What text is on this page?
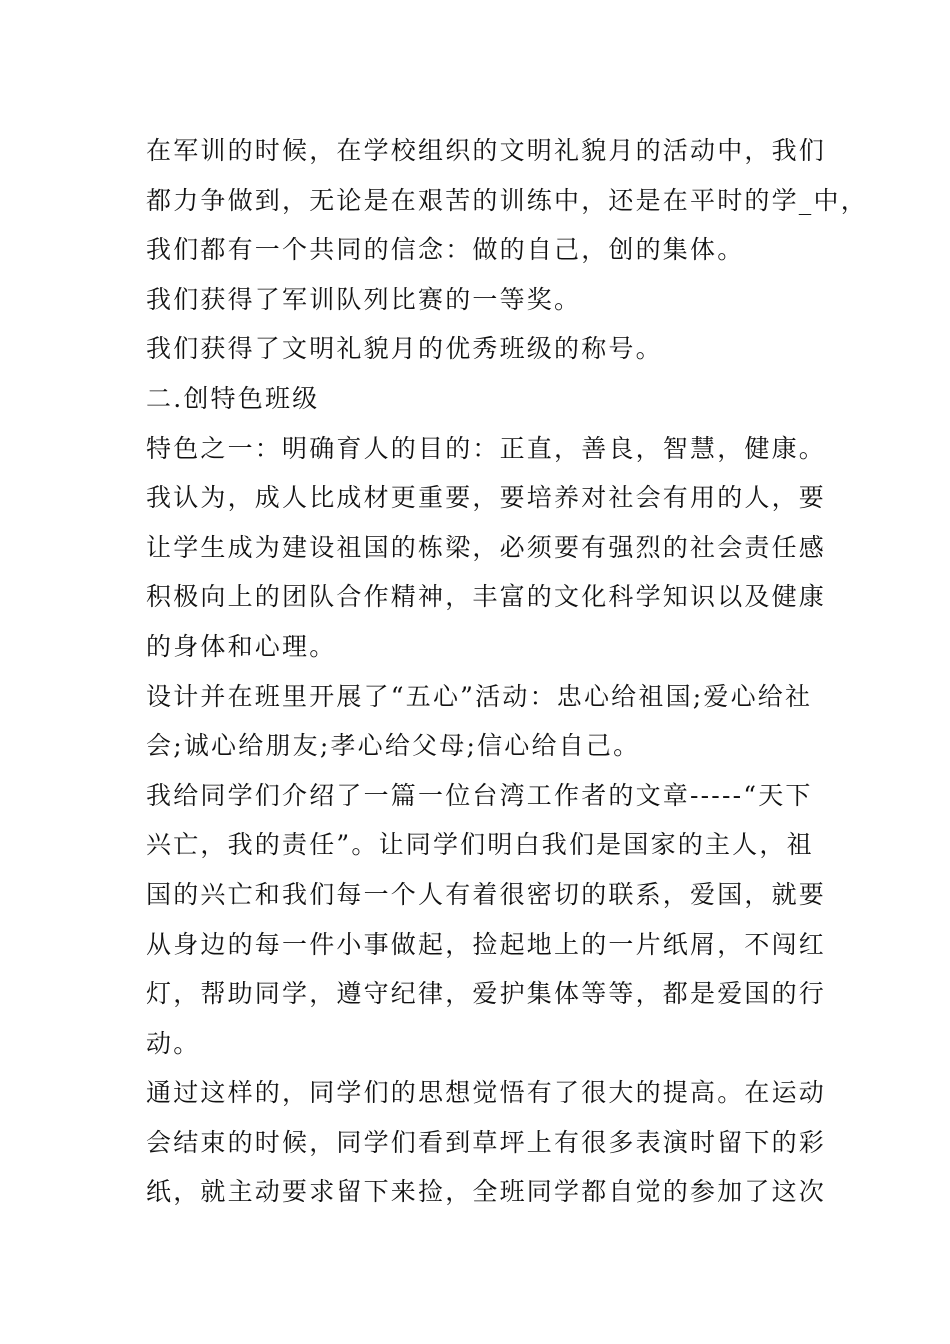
在军训的时候，在学校组织的文明礼貌月的活动中，我们
都力争做到，无论是在艰苦的训练中，还是在平时的学_中，
我们都有一个共同的信念：做的自己，创的集体。
我们获得了军训队列比赛的一等奖。
我们获得了文明礼貌月的优秀班级的称号。
二.创特色班级
特色之一：明确育人的目的：正直，善良，智慧，健康。
我认为，成人比成材更重要，要培养对社会有用的人，要
让学生成为建设祖国的栋梁，必须要有强烈的社会责任感
积极向上的团队合作精神，丰富的文化科学知识以及健康
的身体和心理。
设计并在班里开展了“五心”活动：忠心给祖国;爱心给社
会;诚心给朋友;孝心给父母;信心给自己。
我给同学们介绍了一篇一位台湾工作者的文章-----“天下
兴亡，我的责任”。让同学们明白我们是国家的主人，祖
国的兴亡和我们每一个人有着很密切的联系，爱国，就要
从身边的每一件小事做起，捡起地上的一片纸屑，不闯红
灯，帮助同学，遵守纪律，爱护集体等等，都是爱国的行
动。
通过这样的，同学们的思想觉悟有了很大的提高。在运动
会结束的时候，同学们看到草坪上有很多表演时留下的彩
纸，就主动要求留下来捡，全班同学都自觉的参加了这次
